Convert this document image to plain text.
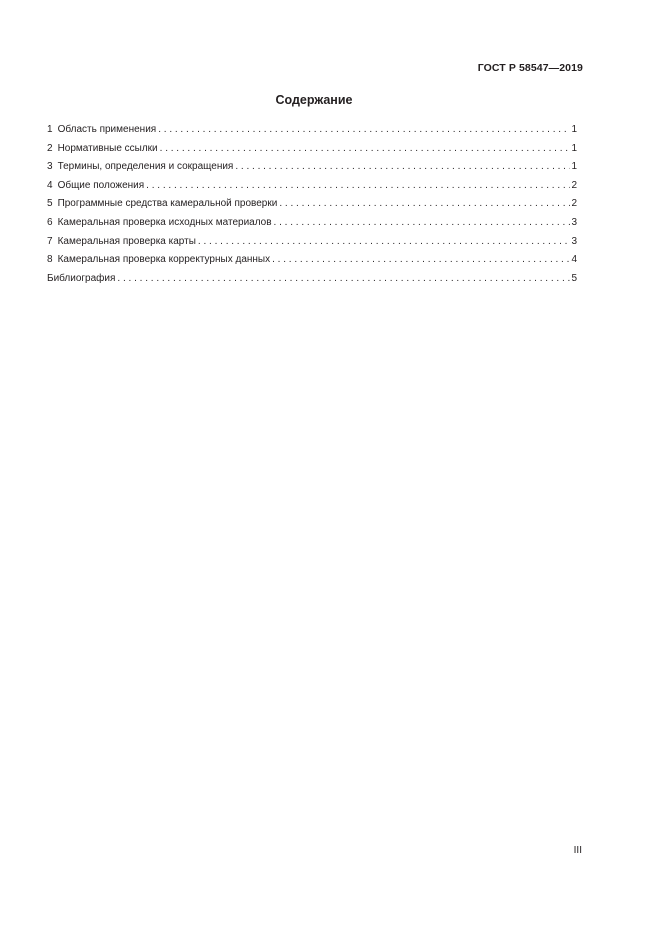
ГОСТ Р 58547—2019
Содержание
1 Область применения . . .	1
2 Нормативные ссылки . . .	1
3 Термины, определения и сокращения . . .	1
4 Общие положения . . .	2
5 Программные средства камеральной проверки . . .	2
6 Камеральная проверка исходных материалов . . .	3
7 Камеральная проверка карты . . .	3
8 Камеральная проверка корректурных данных . . .	4
Библиография . . .	5
III
